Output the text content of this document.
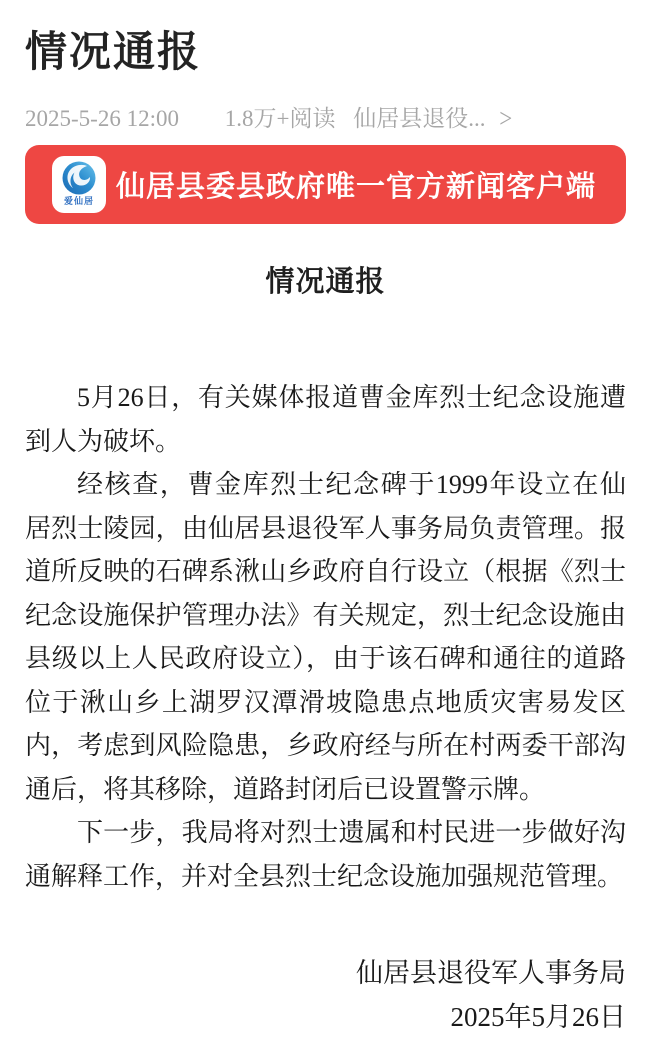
情况通报
2025-5-26 12:00 1.8万+阅读 仙居县退役... >
爱仙居 仙居县委县政府唯一官方新闻客户端
情况通报
5月26日，有关媒体报道曹金库烈士纪念设施遭
到人为破坏。
经核查，曹金库烈士纪念碑于1999年设立在仙
居烈士陵园，由仙居县退役军人事务局负责管理。报
道所反映的石碑系湫山乡政府自行设立（根据《烈士
纪念设施保护管理办法》有关规定，烈士纪念设施由
县级以上人民政府设立），由于该石碑和通往的道路
位于湫山乡上湖罗汉潭滑坡隐患点地质灾害易发区
内，考虑到风险隐患，乡政府经与所在村两委干部沟
通后，将其移除，道路封闭后已设置警示牌。
下一步，我局将对烈士遗属和村民进一步做好沟
通解释工作，并对全县烈士纪念设施加强规范管理。
仙居县退役军人事务局
2025年5月26日
